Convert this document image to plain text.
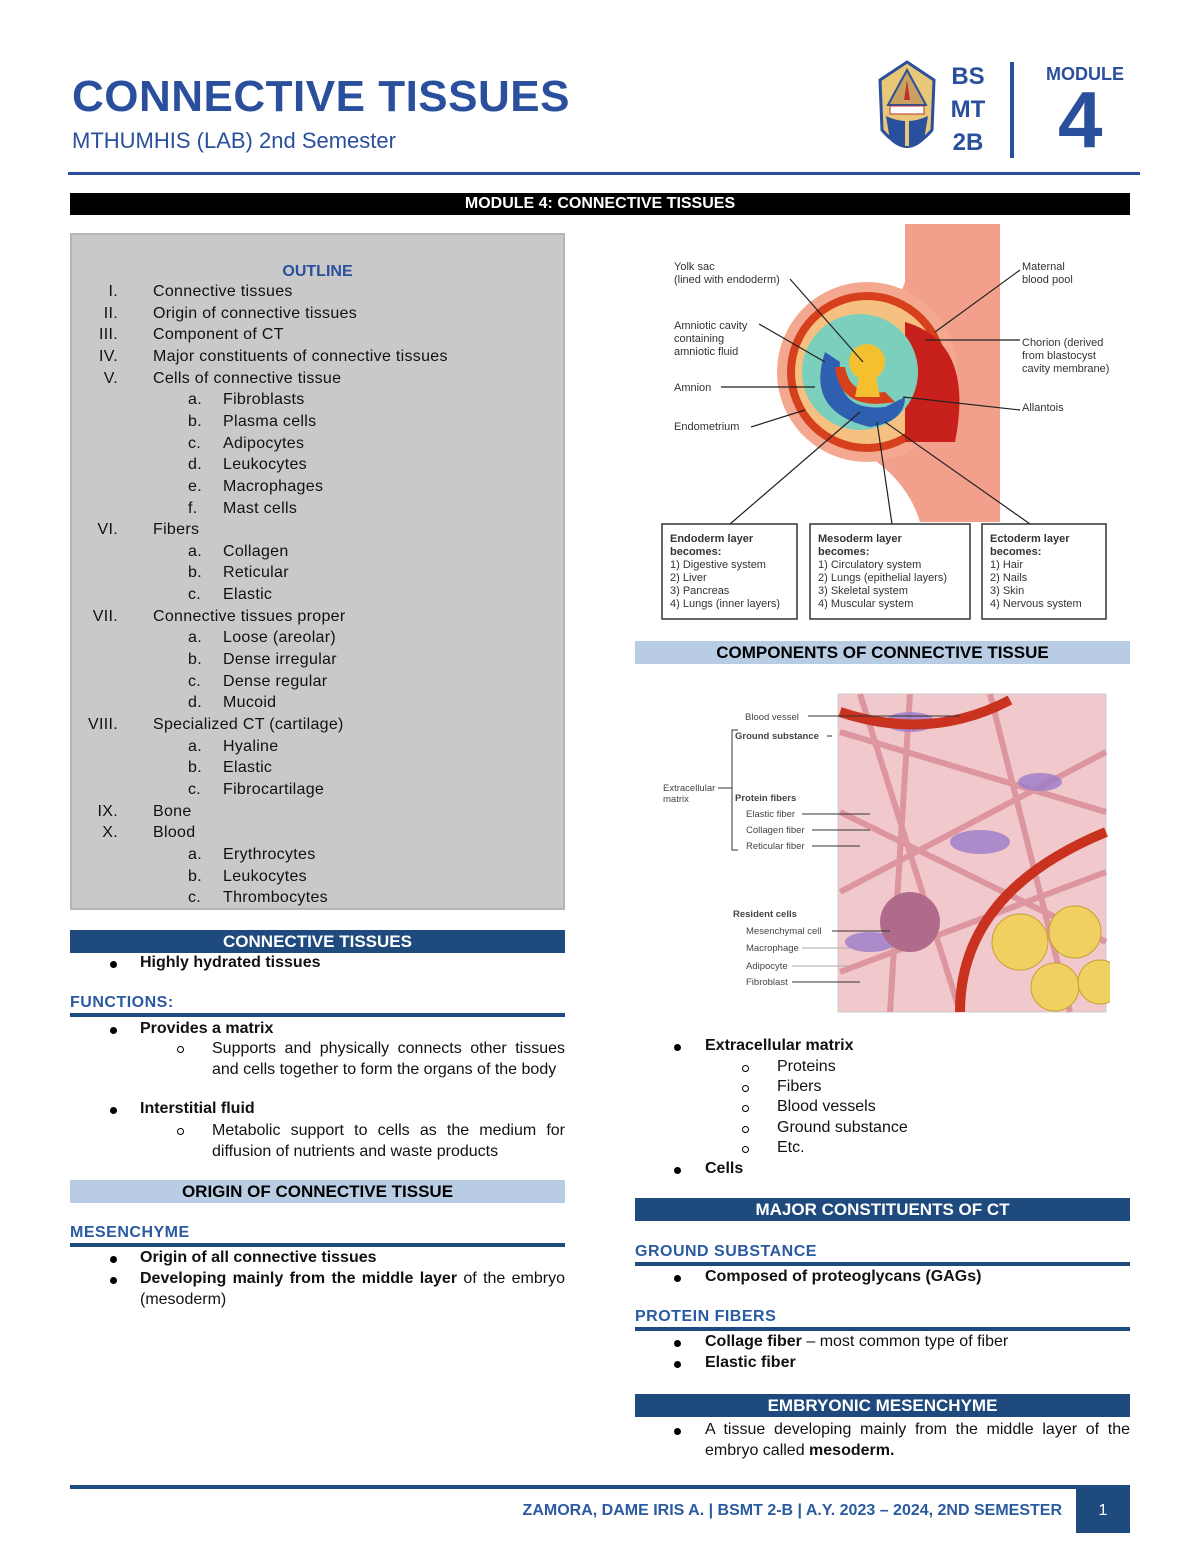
CONNECTIVE TISSUES
MTHUMHIS (LAB) 2nd Semester
BS
MT
2B
MODULE
4
MODULE 4: CONNECTIVE TISSUES
OUTLINE
I. Connective tissues
II. Origin of connective tissues
III. Component of CT
IV. Major constituents of connective tissues
V. Cells of connective tissue
a.	Fibroblasts
b.	Plasma cells
c.	Adipocytes
d.	Leukocytes
e.	Macrophages
f.	Mast cells
VI. Fibers
a.	Collagen
b.	Reticular
c.	Elastic
VII. Connective tissues proper
a.	Loose (areolar)
b.	Dense irregular
c.	Dense regular
d.	Mucoid
VIII. Specialized CT (cartilage)
a.	Hyaline
b.	Elastic
c.	Fibrocartilage
IX. Bone
X. Blood
a.	Erythrocytes
b.	Leukocytes
c.	Thrombocytes
CONNECTIVE TISSUES
Highly hydrated tissues
FUNCTIONS:
Provides a matrix
Supports and physically connects other tissues and cells together to form the organs of the body
Interstitial fluid
Metabolic support to cells as the medium for diffusion of nutrients and waste products
ORIGIN OF CONNECTIVE TISSUE
MESENCHYME
Origin of all connective tissues
Developing mainly from the middle layer of the embryo (mesoderm)
Yolk sac
(lined with endoderm)
Amniotic cavity
containing
amniotic fluid
Amnion
Endometrium
Maternal
blood pool
Chorion (derived
from blastocyst
cavity membrane)
Allantois
Endoderm layer
becomes:
1) Digestive system
2) Liver
3) Pancreas
4) Lungs (inner layers)
Mesoderm layer
becomes:
1) Circulatory system
2) Lungs (epithelial layers)
3) Skeletal system
4) Muscular system
Ectoderm layer
becomes:
1) Hair
2) Nails
3) Skin
4) Nervous system
COMPONENTS OF CONNECTIVE TISSUE
Blood vessel
Ground substance
Extracellular
matrix	Protein fibers
Elastic fiber
Collagen fiber
Reticular fiber
Resident cells
Mesenchymal cell
Macrophage
Adipocyte
Fibroblast
Extracellular matrix
Proteins
Fibers
Blood vessels
Ground substance
Etc.
Cells
MAJOR CONSTITUENTS OF CT
GROUND SUBSTANCE
Composed of proteoglycans (GAGs)
PROTEIN FIBERS
Collage fiber – most common type of fiber
Elastic fiber
EMBRYONIC MESENCHYME
A tissue developing mainly from the middle layer of the embryo called mesoderm.
ZAMORA, DAME IRIS A. | BSMT 2-B | A.Y. 2023 – 2024, 2ND SEMESTER	1
